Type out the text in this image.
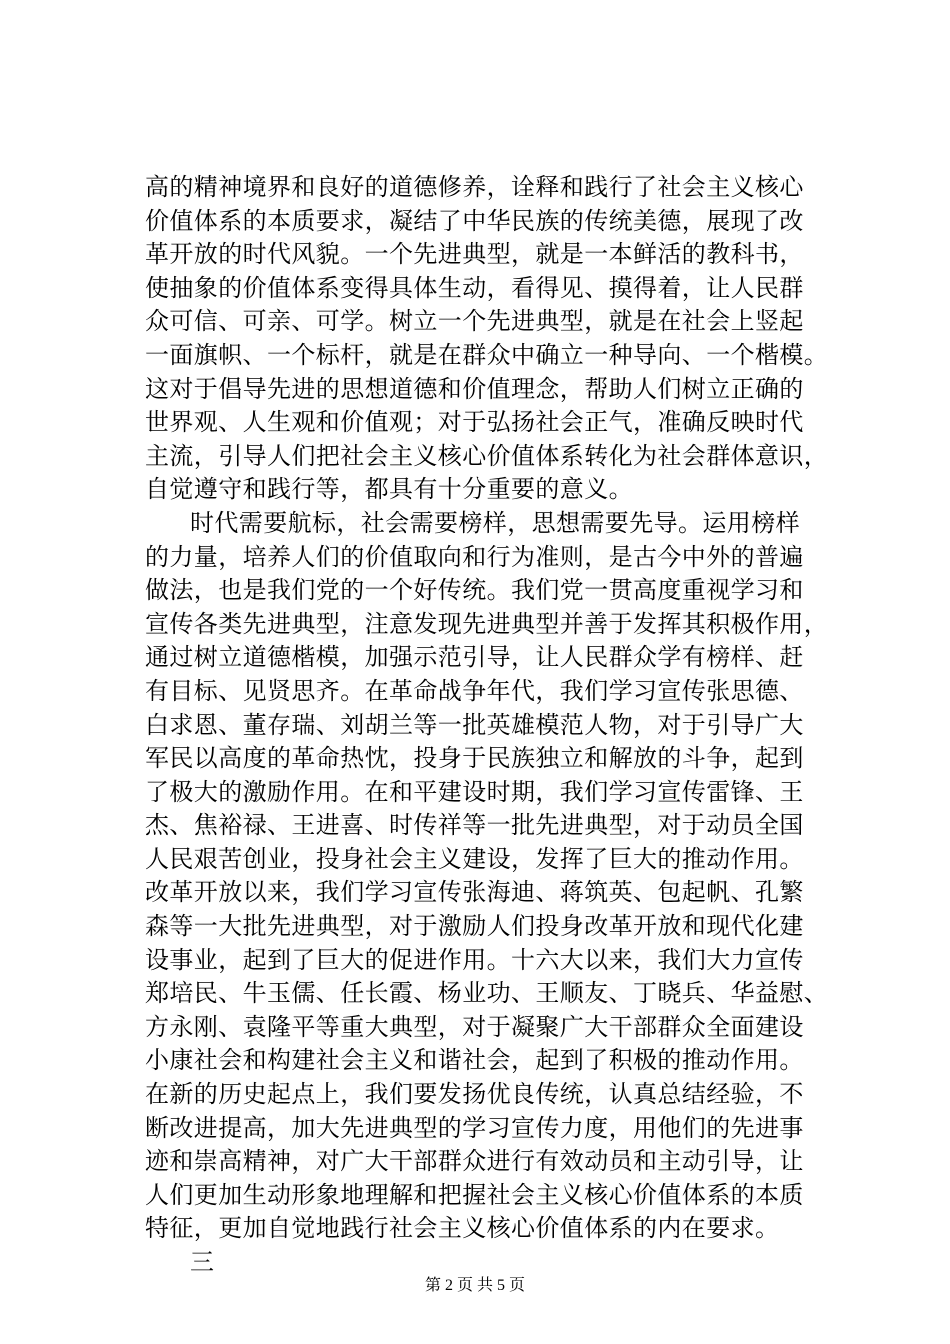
高的精神境界和良好的道德修养，诠释和践行了社会主义核心
价值体系的本质要求，凝结了中华民族的传统美德，展现了改
革开放的时代风貌。一个先进典型，就是一本鲜活的教科书，
使抽象的价值体系变得具体生动，看得见、摸得着，让人民群
众可信、可亲、可学。树立一个先进典型，就是在社会上竖起
一面旗帜、一个标杆，就是在群众中确立一种导向、一个楷模。
这对于倡导先进的思想道德和价值理念，帮助人们树立正确的
世界观、人生观和价值观；对于弘扬社会正气，准确反映时代
主流，引导人们把社会主义核心价值体系转化为社会群体意识，
自觉遵守和践行等，都具有十分重要的意义。
时代需要航标，社会需要榜样，思想需要先导。运用榜样
的力量，培养人们的价值取向和行为准则，是古今中外的普遍
做法，也是我们党的一个好传统。我们党一贯高度重视学习和
宣传各类先进典型，注意发现先进典型并善于发挥其积极作用，
通过树立道德楷模，加强示范引导，让人民群众学有榜样、赶
有目标、见贤思齐。在革命战争年代，我们学习宣传张思德、
白求恩、董存瑞、刘胡兰等一批英雄模范人物，对于引导广大
军民以高度的革命热忱，投身于民族独立和解放的斗争，起到
了极大的激励作用。在和平建设时期，我们学习宣传雷锋、王
杰、焦裕禄、王进喜、时传祥等一批先进典型，对于动员全国
人民艰苦创业，投身社会主义建设，发挥了巨大的推动作用。
改革开放以来，我们学习宣传张海迪、蒋筑英、包起帆、孔繁
森等一大批先进典型，对于激励人们投身改革开放和现代化建
设事业，起到了巨大的促进作用。十六大以来，我们大力宣传
郑培民、牛玉儒、任长霞、杨业功、王顺友、丁晓兵、华益慰、
方永刚、袁隆平等重大典型，对于凝聚广大干部群众全面建设
小康社会和构建社会主义和谐社会，起到了积极的推动作用。
在新的历史起点上，我们要发扬优良传统，认真总结经验，不
断改进提高，加大先进典型的学习宣传力度，用他们的先进事
迹和崇高精神，对广大干部群众进行有效动员和主动引导，让
人们更加生动形象地理解和把握社会主义核心价值体系的本质
特征，更加自觉地践行社会主义核心价值体系的内在要求。
三
第 2 页 共 5 页
